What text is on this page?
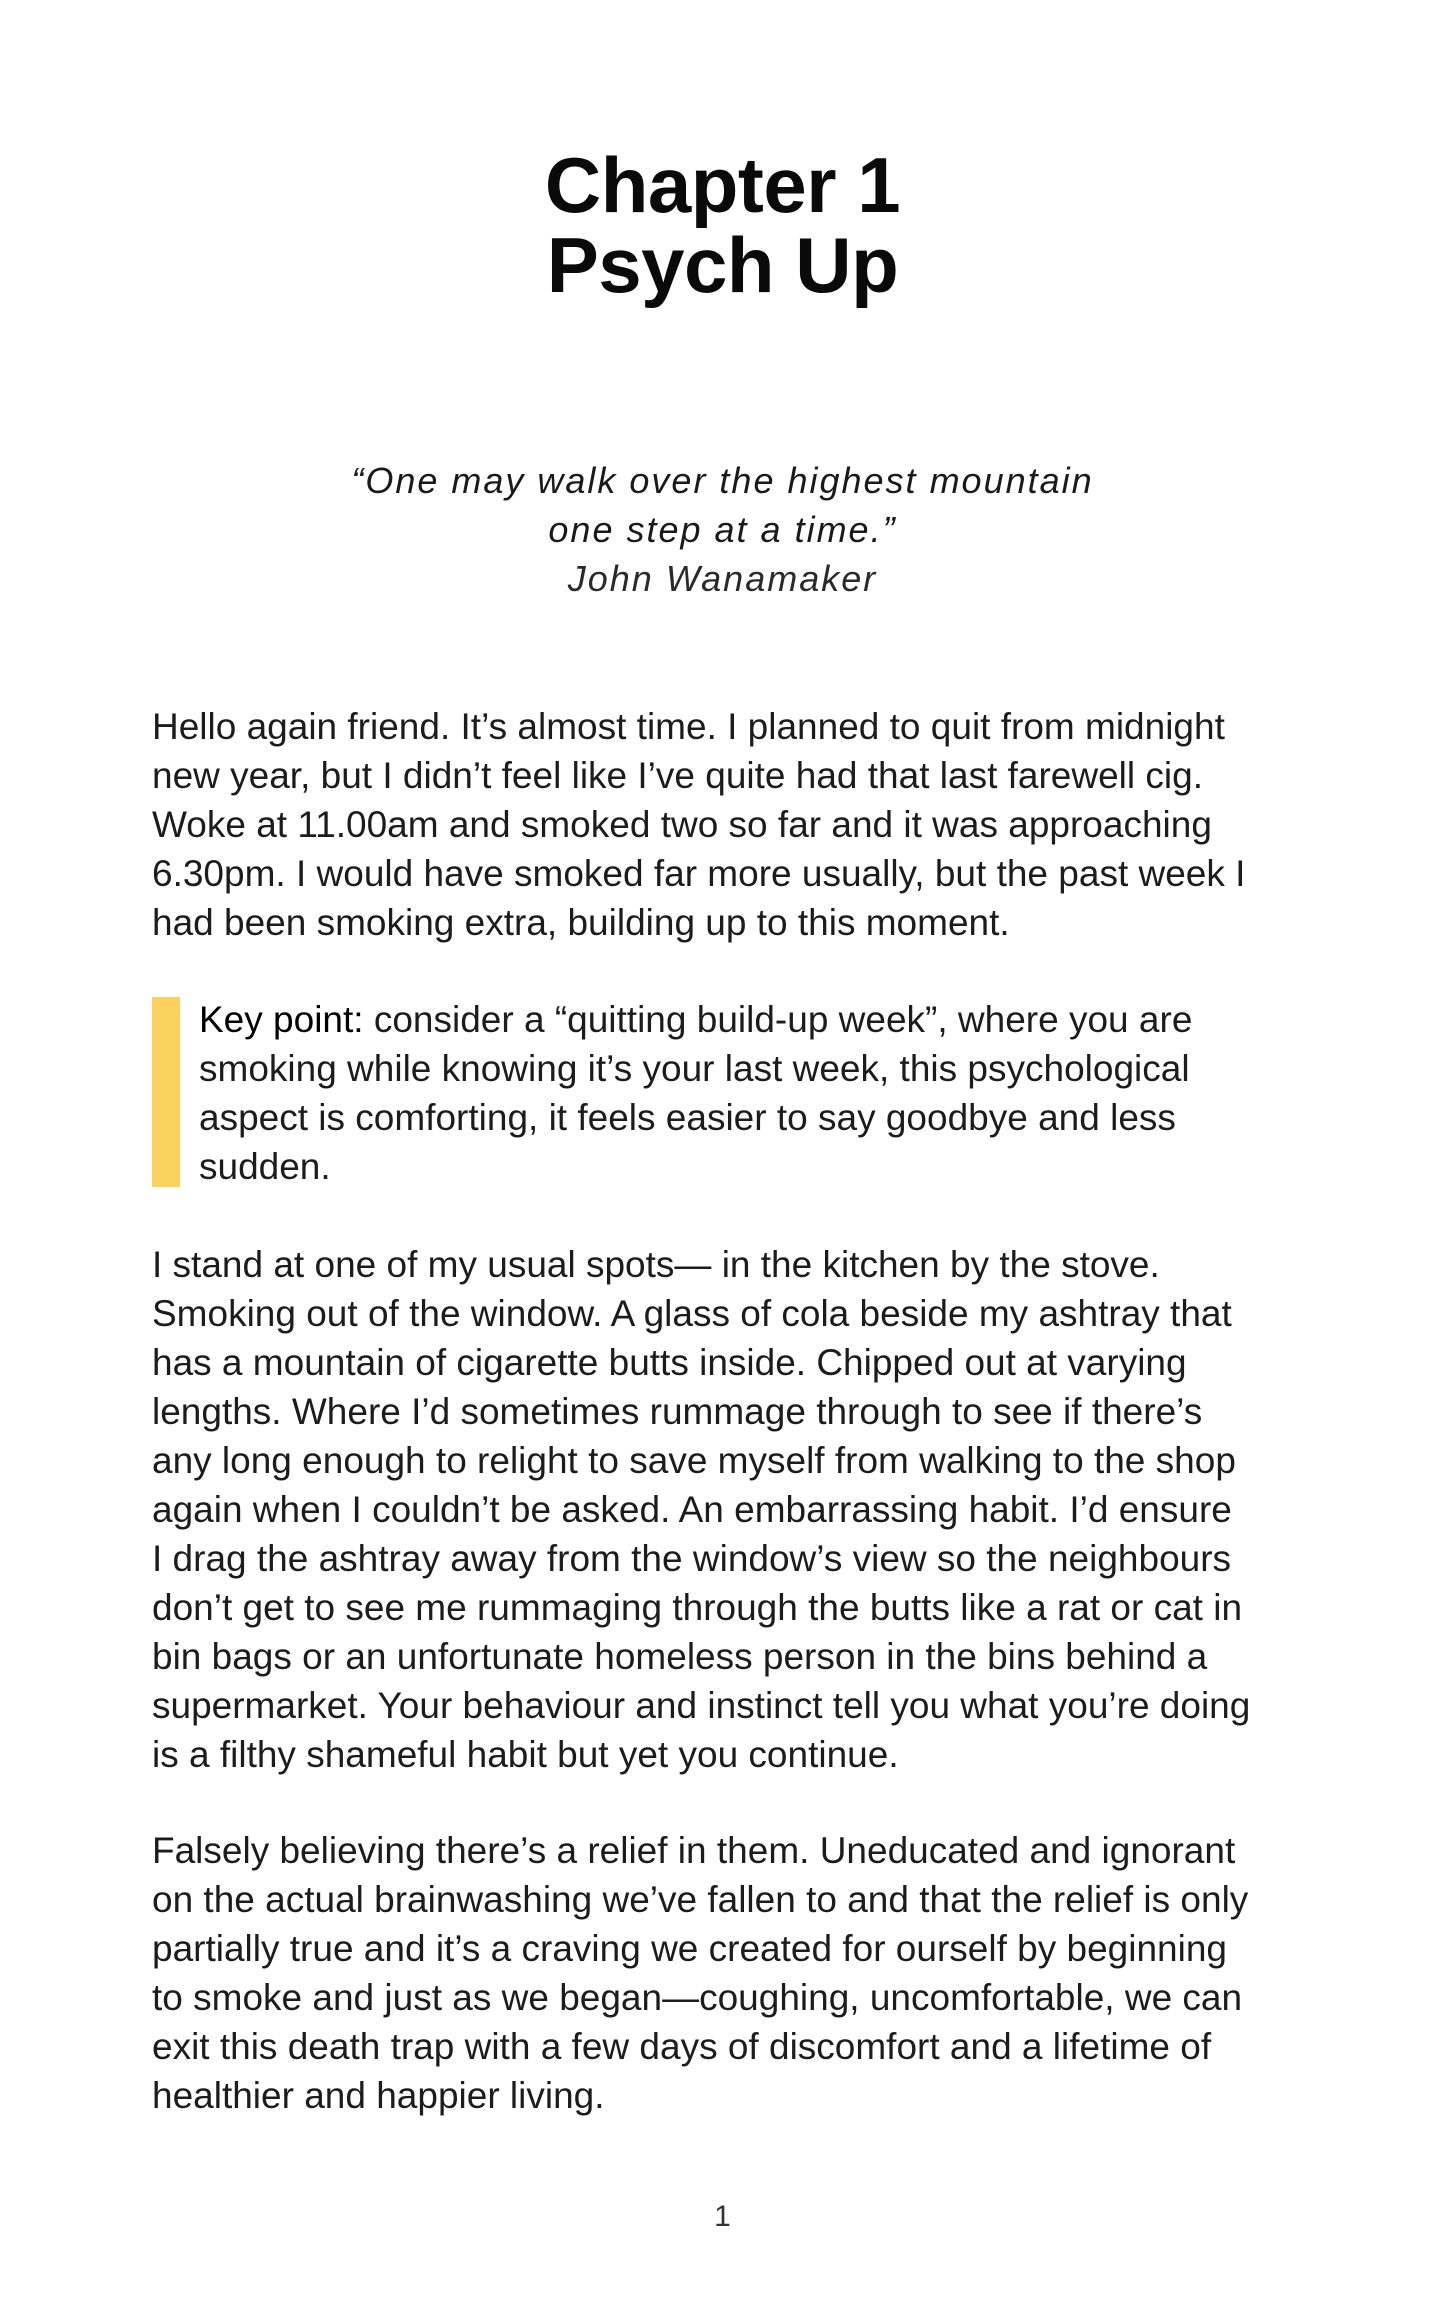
Chapter 1
Psych Up
“One may walk over the highest mountain
one step at a time.”
John Wanamaker

Hello again friend. It’s almost time. I planned to quit from midnight
new year, but I didn’t feel like I’ve quite had that last farewell cig.
Woke at 11.00am and smoked two so far and it was approaching
6.30pm. I would have smoked far more usually, but the past week I
had been smoking extra, building up to this moment.

Key point: consider a “quitting build-up week”, where you are
smoking while knowing it’s your last week, this psychological
aspect is comforting, it feels easier to say goodbye and less
sudden.

I stand at one of my usual spots— in the kitchen by the stove.
Smoking out of the window. A glass of cola beside my ashtray that
has a mountain of cigarette butts inside. Chipped out at varying
lengths. Where I’d sometimes rummage through to see if there’s
any long enough to relight to save myself from walking to the shop
again when I couldn’t be asked. An embarrassing habit. I’d ensure
I drag the ashtray away from the window’s view so the neighbours
don’t get to see me rummaging through the butts like a rat or cat in
bin bags or an unfortunate homeless person in the bins behind a
supermarket. Your behaviour and instinct tell you what you’re doing
is a filthy shameful habit but yet you continue.

Falsely believing there’s a relief in them. Uneducated and ignorant
on the actual brainwashing we’ve fallen to and that the relief is only
partially true and it’s a craving we created for ourself by beginning
to smoke and just as we began—coughing, uncomfortable, we can
exit this death trap with a few days of discomfort and a lifetime of
healthier and happier living.

1
